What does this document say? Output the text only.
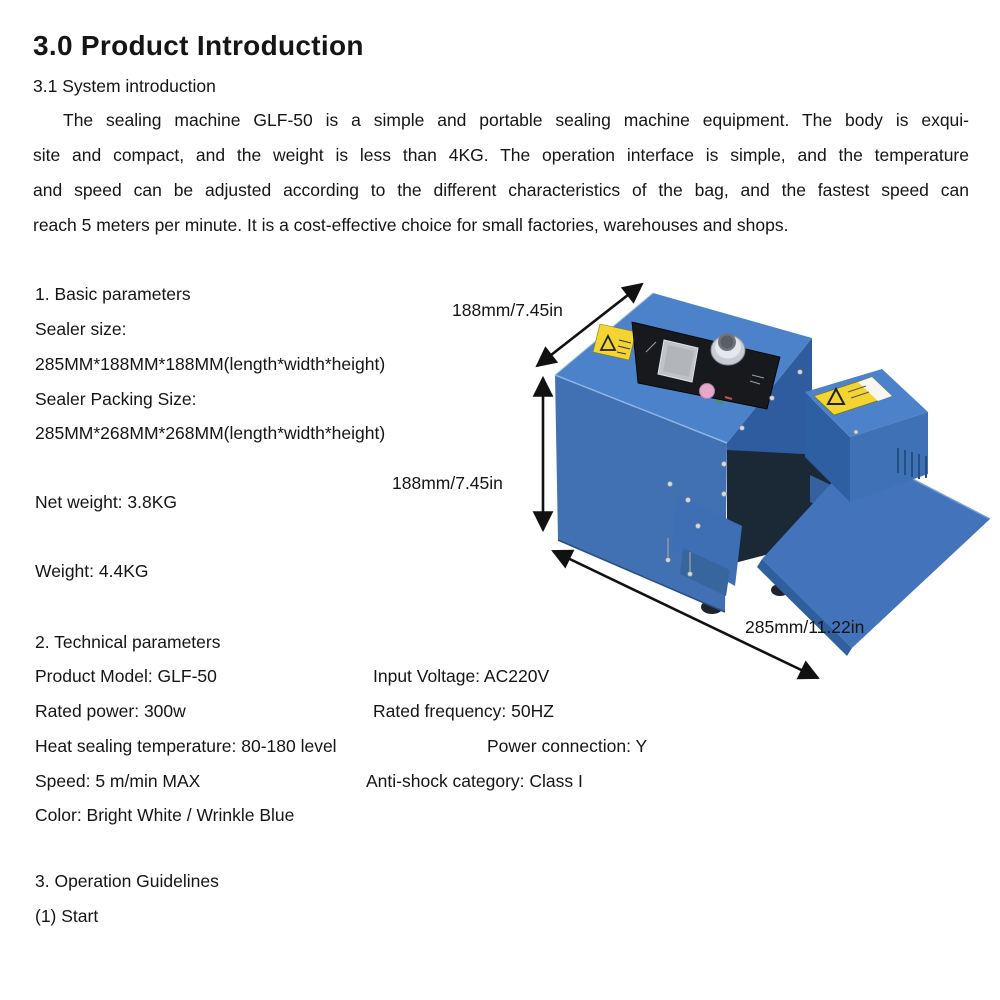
3.0 Product Introduction
3.1 System introduction
The sealing machine GLF-50 is a simple and portable sealing machine equipment. The body is exqui-
site and compact, and the weight is less than 4KG. The operation interface is simple, and the temperature
and speed can be adjusted according to the different characteristics of the bag, and the fastest speed can
reach 5 meters per minute. It is a cost-effective choice for small factories, warehouses and shops.
1. Basic parameters
Sealer size:
285MM*188MM*188MM(length*width*height)
Sealer Packing Size:
285MM*268MM*268MM(length*width*height)
Net weight: 3.8KG
Weight: 4.4KG
188mm/7.45in
188mm/7.45in
285mm/11.22in
2. Technical parameters
Product Model: GLF-50	Input Voltage: AC220V
Rated power: 300w	Rated frequency: 50HZ
Heat sealing temperature: 80-180 level	Power connection: Y
Speed: 5 m/min MAX	Anti-shock category: Class I
Color: Bright White / Wrinkle Blue
3. Operation Guidelines
(1) Start
